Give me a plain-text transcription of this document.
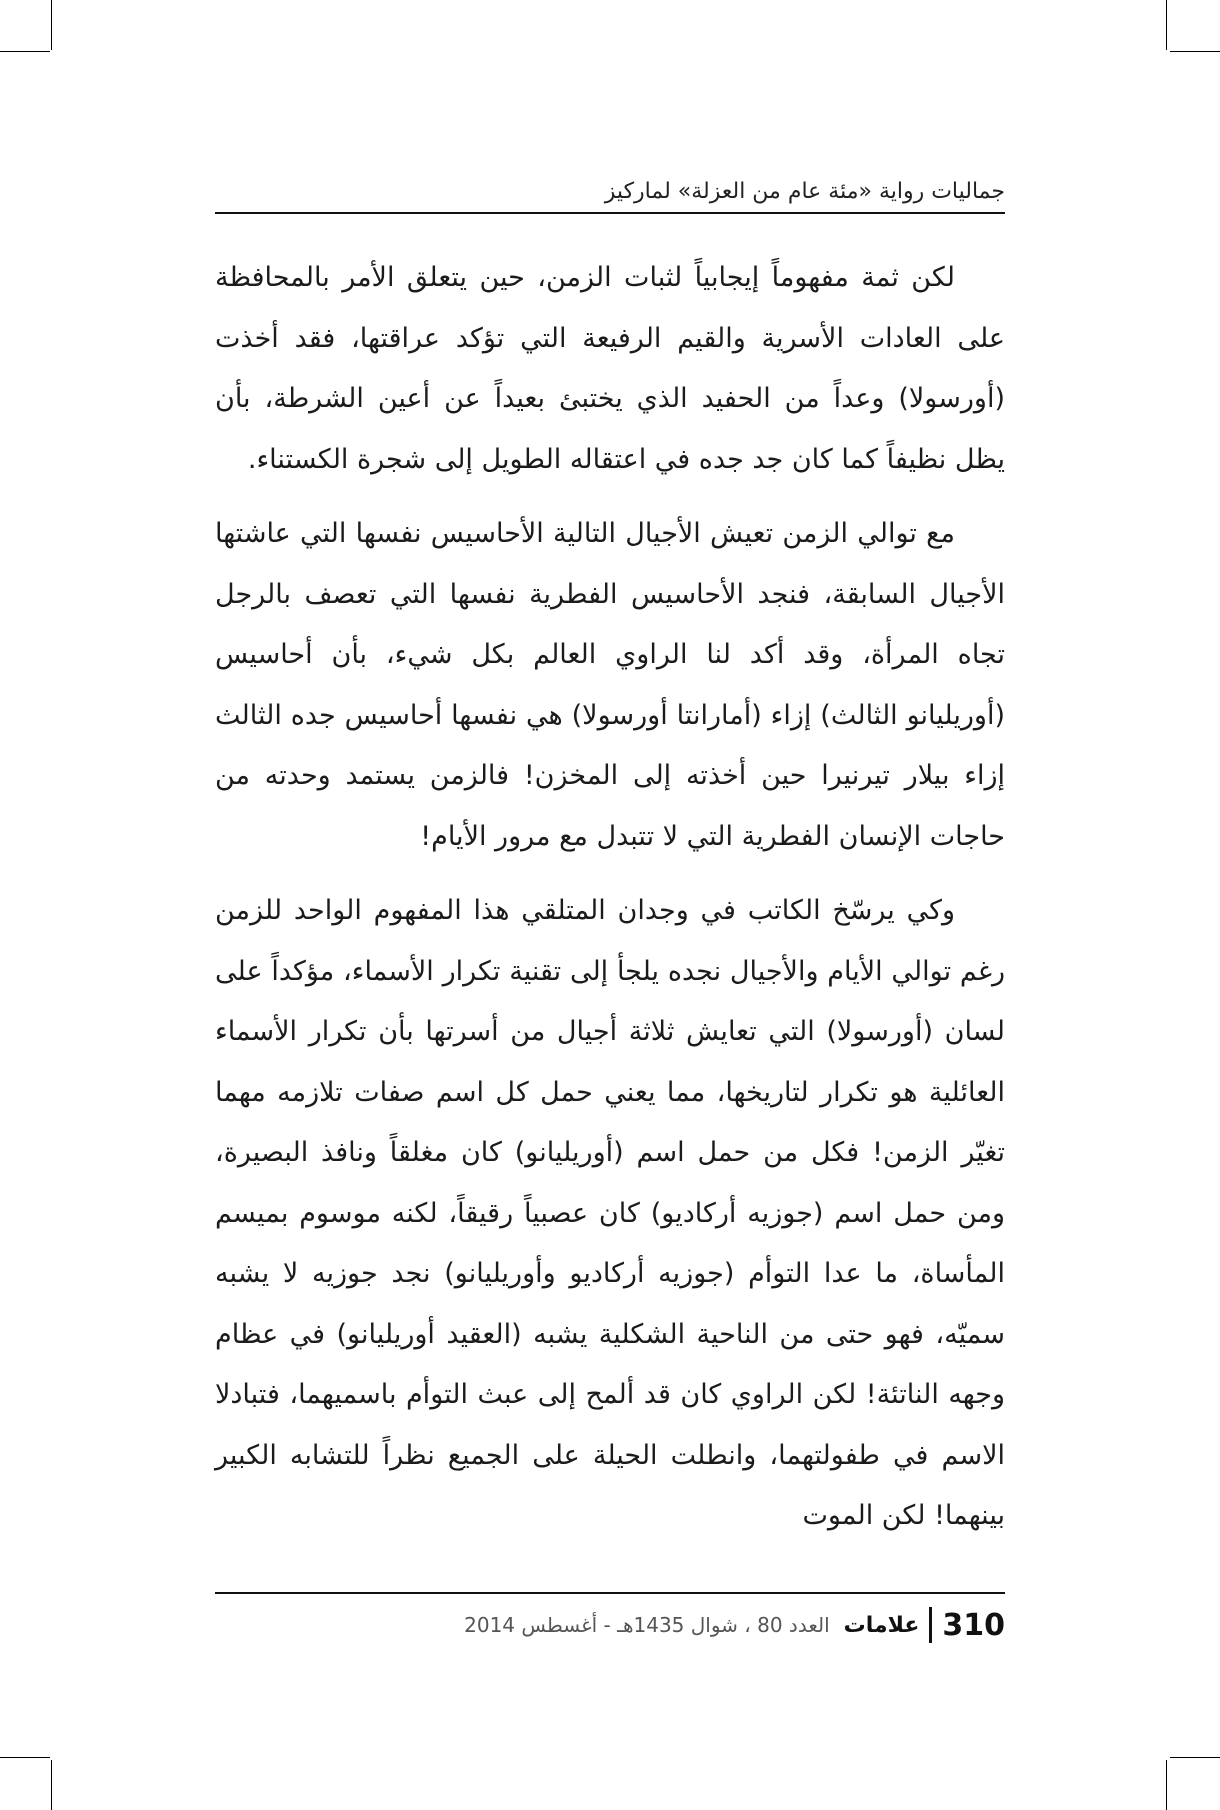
جماليات رواية «مئة عام من العزلة» لماركيز

لكن ثمة مفهوماً إيجابياً لثبات الزمن، حين يتعلق الأمر بالمحافظة على العادات الأسرية والقيم الرفيعة التي تؤكد عراقتها، فقد أخذت (أورسولا) وعداً من الحفيد الذي يختبئ بعيداً عن أعين الشرطة، بأن يظل نظيفاً كما كان جد جده في اعتقاله الطويل إلى شجرة الكستناء.

مع توالي الزمن تعيش الأجيال التالية الأحاسيس نفسها التي عاشتها الأجيال السابقة، فنجد الأحاسيس الفطرية نفسها التي تعصف بالرجل تجاه المرأة، وقد أكد لنا الراوي العالم بكل شيء، بأن أحاسيس (أوريليانو الثالث) إزاء (أمارانتا أورسولا) هي نفسها أحاسيس جده الثالث إزاء بيلار تيرنيرا حين أخذته إلى المخزن! فالزمن يستمد وحدته من حاجات الإنسان الفطرية التي لا تتبدل مع مرور الأيام!

وكي يرسّخ الكاتب في وجدان المتلقي هذا المفهوم الواحد للزمن رغم توالي الأيام والأجيال نجده يلجأ إلى تقنية تكرار الأسماء، مؤكداً على لسان (أورسولا) التي تعايش ثلاثة أجيال من أسرتها بأن تكرار الأسماء العائلية هو تكرار لتاريخها، مما يعني حمل كل اسم صفات تلازمه مهما تغيّر الزمن! فكل من حمل اسم (أوريليانو) كان مغلقاً ونافذ البصيرة، ومن حمل اسم (جوزيه أركاديو) كان عصبياً رقيقاً، لكنه موسوم بميسم المأساة، ما عدا التوأم (جوزيه أركاديو وأوريليانو) نجد جوزيه لا يشبه سميّه، فهو حتى من الناحية الشكلية يشبه (العقيد أوريليانو) في عظام وجهه الناتئة! لكن الراوي كان قد ألمح إلى عبث التوأم باسميهما، فتبادلا الاسم في طفولتهما، وانطلت الحيلة على الجميع نظراً للتشابه الكبير بينهما! لكن الموت

310
علامات
العدد 80 ، شوال 1435هـ - أغسطس 2014
